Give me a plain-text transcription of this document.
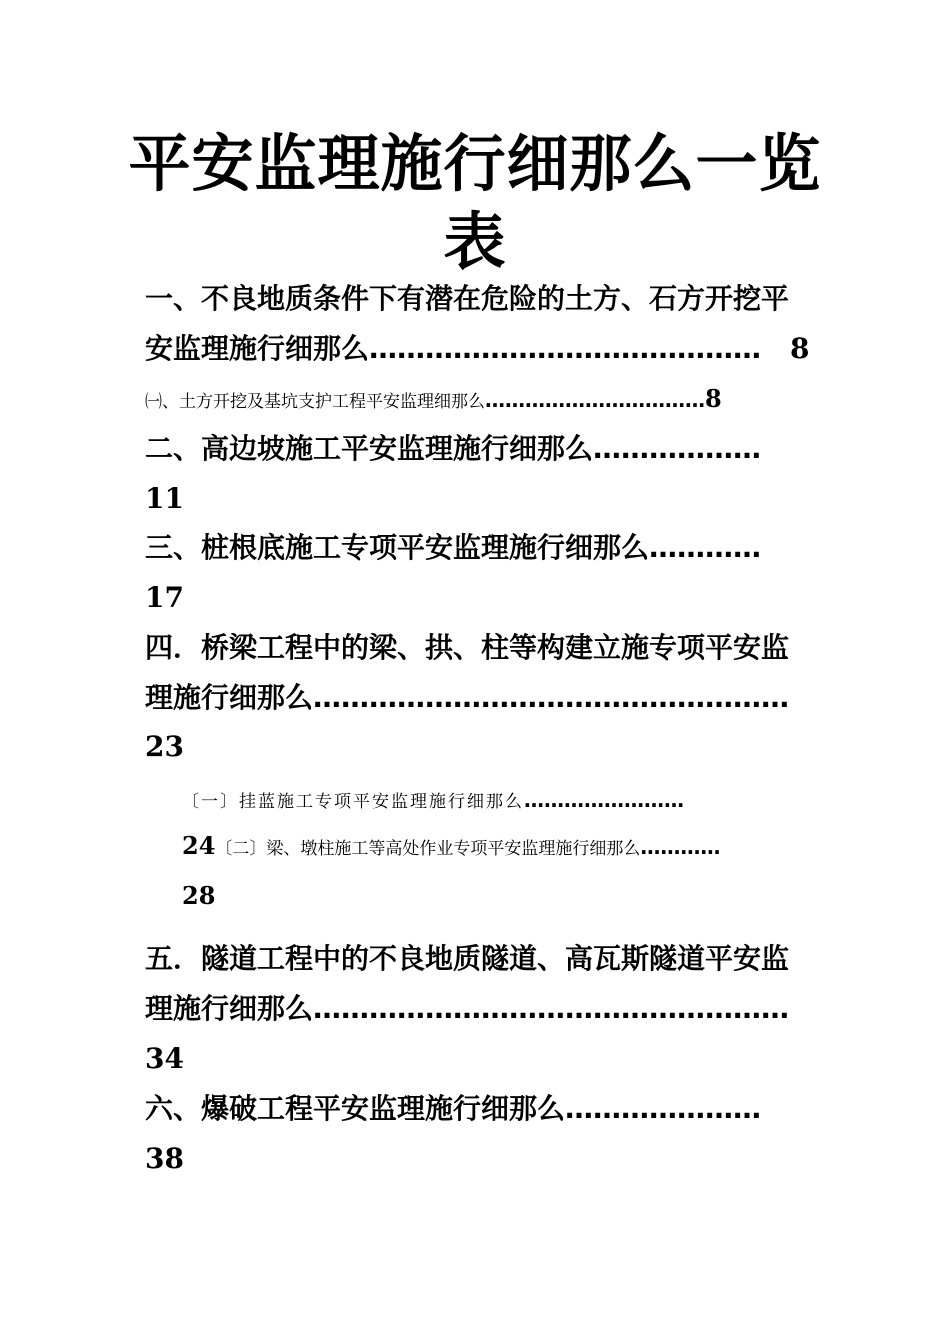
平安监理施行细那么一览
表
一、不良地质条件下有潜在危险的土方、石方开挖平
安监理施行细那么…………………………………… 8
㈠、土方开挖及基坑支护工程平安监理细那么……………………………8
二、高边坡施工平安监理施行细那么………………
11
三、桩根底施工专项平安监理施行细那么…………
17
四．桥梁工程中的梁、拱、柱等构建立施专项平安监
理施行细那么……………………………………………
23
〔一〕挂蓝施工专项平安监理施行细那么……………………
24〔二〕梁、墩柱施工等高处作业专项平安监理施行细那么…………
28
五．隧道工程中的不良地质隧道、高瓦斯隧道平安监
理施行细那么……………………………………………
34
六、爆破工程平安监理施行细那么…………………
38
